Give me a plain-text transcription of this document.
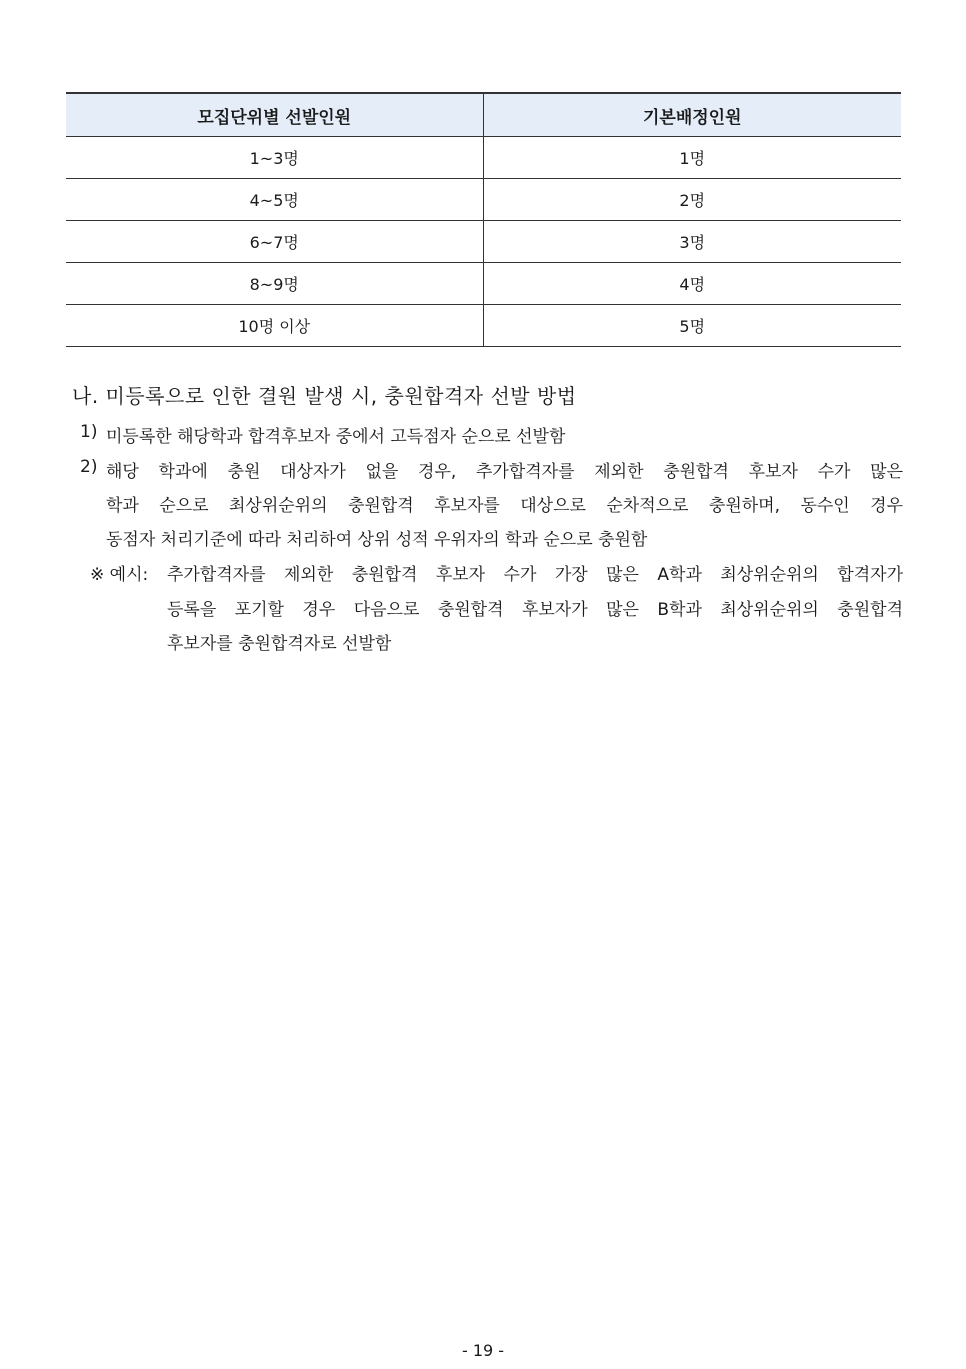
모집단위별 선발인원	기본배정인원
1~3명	1명
4~5명	2명
6~7명	3명
8~9명	4명
10명 이상	5명
나. 미등록으로 인한 결원 발생 시, 충원합격자 선발 방법
1) 미등록한 해당학과 합격후보자 중에서 고득점자 순으로 선발함
2) 해당 학과에 충원 대상자가 없을 경우, 추가합격자를 제외한 충원합격 후보자 수가 많은
학과 순으로 최상위순위의 충원합격 후보자를 대상으로 순차적으로 충원하며, 동수인 경우
동점자 처리기준에 따라 처리하여 상위 성적 우위자의 학과 순으로 충원함
※ 예시: 추가합격자를 제외한 충원합격 후보자 수가 가장 많은 A학과 최상위순위의 합격자가
등록을 포기할 경우 다음으로 충원합격 후보자가 많은 B학과 최상위순위의 충원합격
후보자를 충원합격자로 선발함
- 19 -
